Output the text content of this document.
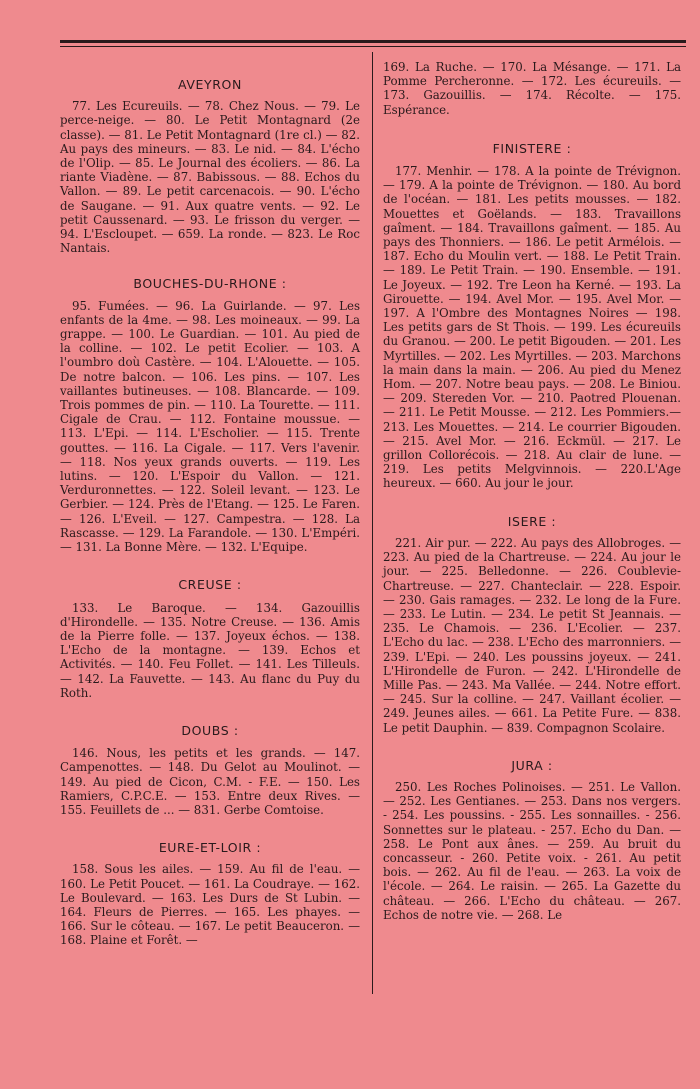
AVEYRON

77. Les Ecureuils. — 78. Chez Nous. — 79. Le perce-neige. — 80. Le Petit Montagnard (2e classe). — 81. Le Petit Montagnard (1re cl.) — 82. Au pays des mineurs. — 83. Le nid. — 84. L'écho de l'Olip. — 85. Le Journal des écoliers. — 86. La riante Viadène. — 87. Babissous. — 88. Echos du Vallon. — 89. Le petit carcenacois. — 90. L'écho de Saugane. — 91. Aux quatre vents. — 92. Le petit Caussenard. — 93. Le frisson du verger. — 94. L'Escloupet. — 659. La ronde. — 823. Le Roc Nantais.

BOUCHES-DU-RHONE :

95. Fumées. — 96. La Guirlande. — 97. Les enfants de la 4me. — 98. Les moineaux. — 99. La grappe. — 100. Le Guardian. — 101. Au pied de la colline. — 102. Le petit Ecolier. — 103. A l'oumbro doù Castère. — 104. L'Alouette. — 105. De notre balcon. — 106. Les pins. — 107. Les vaillantes butineuses. — 108. Blancarde. — 109. Trois pommes de pin. — 110. La Tourette. — 111. Cigale de Crau. — 112. Fontaine moussue. — 113. L'Epi. — 114. L'Escholier. — 115. Trente gouttes. — 116. La Cigale. — 117. Vers l'avenir. — 118. Nos yeux grands ouverts. — 119. Les lutins. — 120. L'Espoir du Vallon. — 121. Verduronnettes. — 122. Soleil levant. — 123. Le Gerbier. — 124. Près de l'Etang. — 125. Le Faren. — 126. L'Eveil. — 127. Campestra. — 128. La Rascasse. — 129. La Farandole. — 130. L'Empéri. — 131. La Bonne Mère. — 132. L'Equipe.

CREUSE :

133. Le Baroque. — 134. Gazouillis d'Hirondelle. — 135. Notre Creuse. — 136. Amis de la Pierre folle. — 137. Joyeux échos. — 138. L'Echo de la montagne. — 139. Echos et Activités. — 140. Feu Follet. — 141. Les Tilleuls. — 142. La Fauvette. — 143. Au flanc du Puy du Roth.

DOUBS :

146. Nous, les petits et les grands. — 147. Campenottes. — 148. Du Gelot au Moulinot. — 149. Au pied de Cicon, C.M. - F.E. — 150. Les Ramiers, C.P.C.E. — 153. Entre deux Rives. — 155. Feuillets de ... — 831. Gerbe Comtoise.

EURE-ET-LOIR :

158. Sous les ailes. — 159. Au fil de l'eau. — 160. Le Petit Poucet. — 161. La Coudraye. — 162. Le Boulevard. — 163. Les Durs de St Lubin. — 164. Fleurs de Pierres. — 165. Les phayes. — 166. Sur le côteau. — 167. Le petit Beauceron. — 168. Plaine et Forêt. —

169. La Ruche. — 170. La Mésange. — 171. La Pomme Percheronne. — 172. Les écureuils. — 173. Gazouillis. — 174. Récolte. — 175. Espérance.

FINISTERE :

177. Menhir. — 178. A la pointe de Trévignon. — 179. A la pointe de Trévignon. — 180. Au bord de l'océan. — 181. Les petits mousses. — 182. Mouettes et Goëlands. — 183. Travaillons gaîment. — 184. Travaillons gaîment. — 185. Au pays des Thonniers. — 186. Le petit Armélois. — 187. Echo du Moulin vert. — 188. Le Petit Train. — 189. Le Petit Train. — 190. Ensemble. — 191. Le Joyeux. — 192. Tre Leon ha Kerné. — 193. La Girouette. — 194. Avel Mor. — 195. Avel Mor. — 197. A l'Ombre des Montagnes Noires — 198. Les petits gars de St Thois. — 199. Les écureuils du Granou. — 200. Le petit Bigouden. — 201. Les Myrtilles. — 202. Les Myrtilles. — 203. Marchons la main dans la main. — 206. Au pied du Menez Hom. — 207. Notre beau pays. — 208. Le Biniou. — 209. Stereden Vor. — 210. Paotred Plouenan. — 211. Le Petit Mousse. — 212. Les Pommiers.— 213. Les Mouettes. — 214. Le courrier Bigouden. — 215. Avel Mor. — 216. Eckmül. — 217. Le grillon Collorécois. — 218. Au clair de lune. — 219. Les petits Melgvinnois. — 220.L'Age heureux. — 660. Au jour le jour.

ISERE :

221. Air pur. — 222. Au pays des Allobroges. — 223. Au pied de la Chartreuse. — 224. Au jour le jour. — 225. Belledonne. — 226. Coublevie-Chartreuse. — 227. Chanteclair. — 228. Espoir. — 230. Gais ramages. — 232. Le long de la Fure. — 233. Le Lutin. — 234. Le petit St Jeannais. — 235. Le Chamois. — 236. L'Ecolier. — 237. L'Echo du lac. — 238. L'Echo des marronniers. — 239. L'Epi. — 240. Les poussins joyeux. — 241. L'Hirondelle de Furon. — 242. L'Hirondelle de Mille Pas. — 243. Ma Vallée. — 244. Notre effort. — 245. Sur la colline. — 247. Vaillant écolier. — 249. Jeunes ailes. — 661. La Petite Fure. — 838. Le petit Dauphin. — 839. Compagnon Scolaire.

JURA :

250. Les Roches Polinoises. — 251. Le Vallon. — 252. Les Gentianes. — 253. Dans nos vergers. - 254. Les poussins. - 255. Les sonnailles. - 256. Sonnettes sur le plateau. - 257. Echo du Dan. — 258. Le Pont aux ânes. — 259. Au bruit du concasseur. - 260. Petite voix. - 261. Au petit bois. — 262. Au fil de l'eau. — 263. La voix de l'école. — 264. Le raisin. — 265. La Gazette du château. — 266. L'Echo du château. — 267. Echos de notre vie. — 268. Le
